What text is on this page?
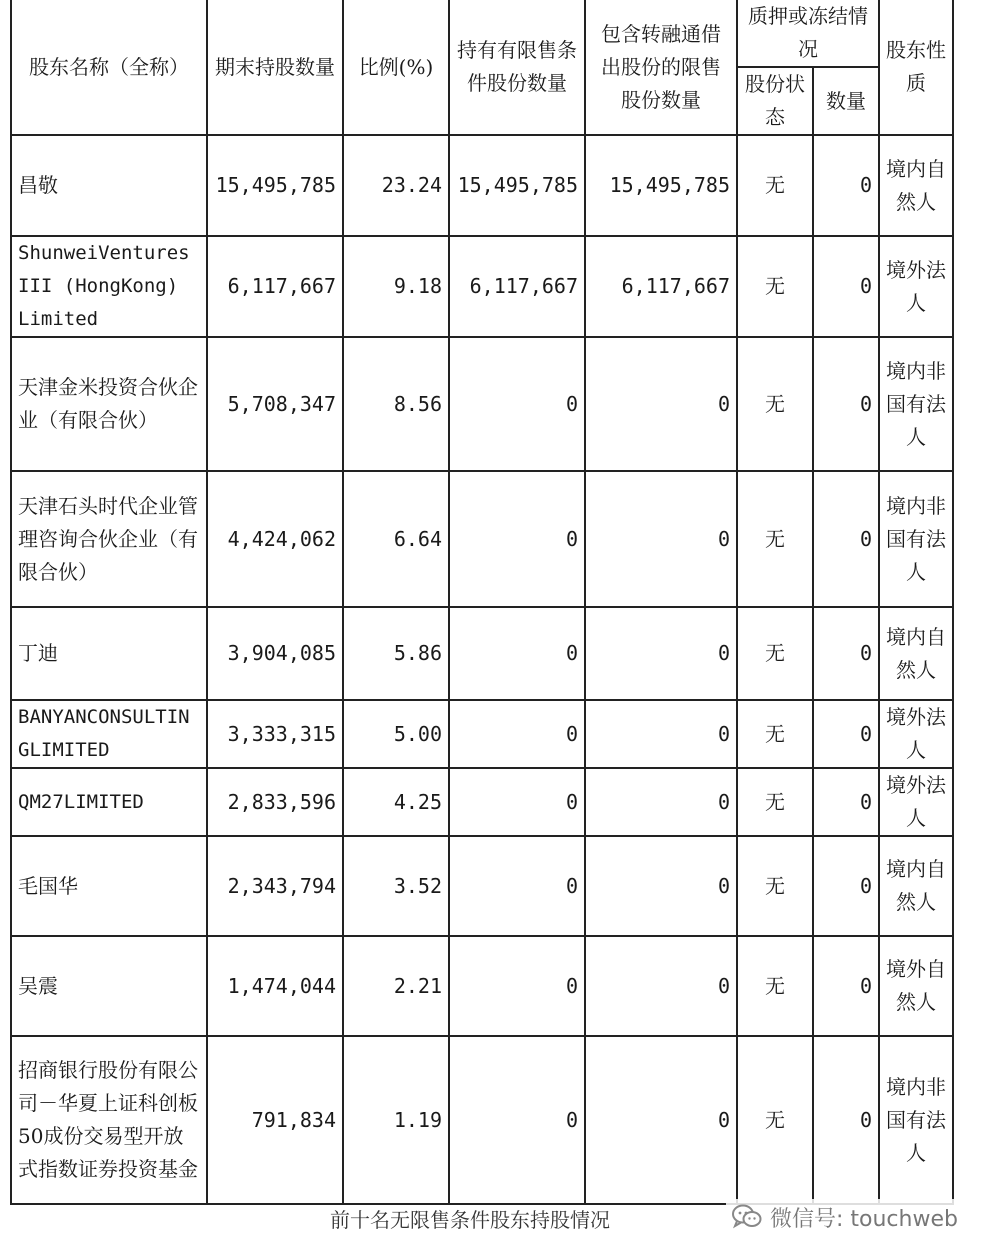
股东名称（全称）	期末持股数量	比例(%)	持有有限售条件股份数量	包含转融通借出股份的限售股份数量	质押或冻结情况		股东性质
					股份状态	数量	
昌敬	15,495,785	23.24	15,495,785	15,495,785	无	0	境内自然人
ShunweiVentures III (HongKong) Limited	6,117,667	9.18	6,117,667	6,117,667	无	0	境外法人
天津金米投资合伙企业（有限合伙）	5,708,347	8.56	0	0	无	0	境内非国有法人
天津石头时代企业管理咨询合伙企业（有限合伙）	4,424,062	6.64	0	0	无	0	境内非国有法人
丁迪	3,904,085	5.86	0	0	无	0	境内自然人
BANYANCONSULTINGLIMITED	3,333,315	5.00	0	0	无	0	境外法人
QM27LIMITED	2,833,596	4.25	0	0	无	0	境外法人
毛国华	2,343,794	3.52	0	0	无	0	境内自然人
吴震	1,474,044	2.21	0	0	无	0	境外自然人
招商银行股份有限公司－华夏上证科创板50成份交易型开放式指数证券投资基金	791,834	1.19	0	0	无	0	境内非国有法人
前十名无限售条件股东持股情况	微信号: touchweb
